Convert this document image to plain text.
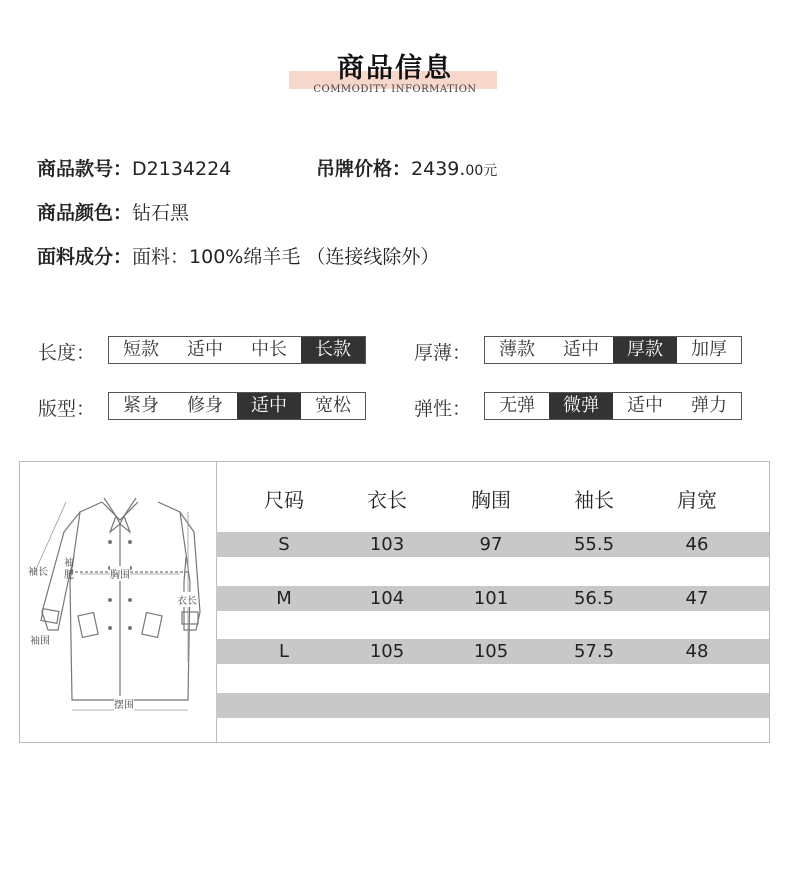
商品信息
COMMODITY INFORMATION
商品款号：D2134224	吊牌价格：2439.00元
商品颜色：钻石黑
面料成分：面料：100%绵羊毛 （连接线除外）
长度：	短款	适中	中长	长款	厚薄：	薄款	适中	厚款	加厚
版型：	紧身	修身	适中	宽松	弹性：	无弹	微弹	适中	弹力
袖长
袖肥	胸围
衣长
袖围
摆围
尺码	衣长	胸围	袖长	肩宽
S	103	97	55.5	46
M	104	101	56.5	47
L	105	105	57.5	48
